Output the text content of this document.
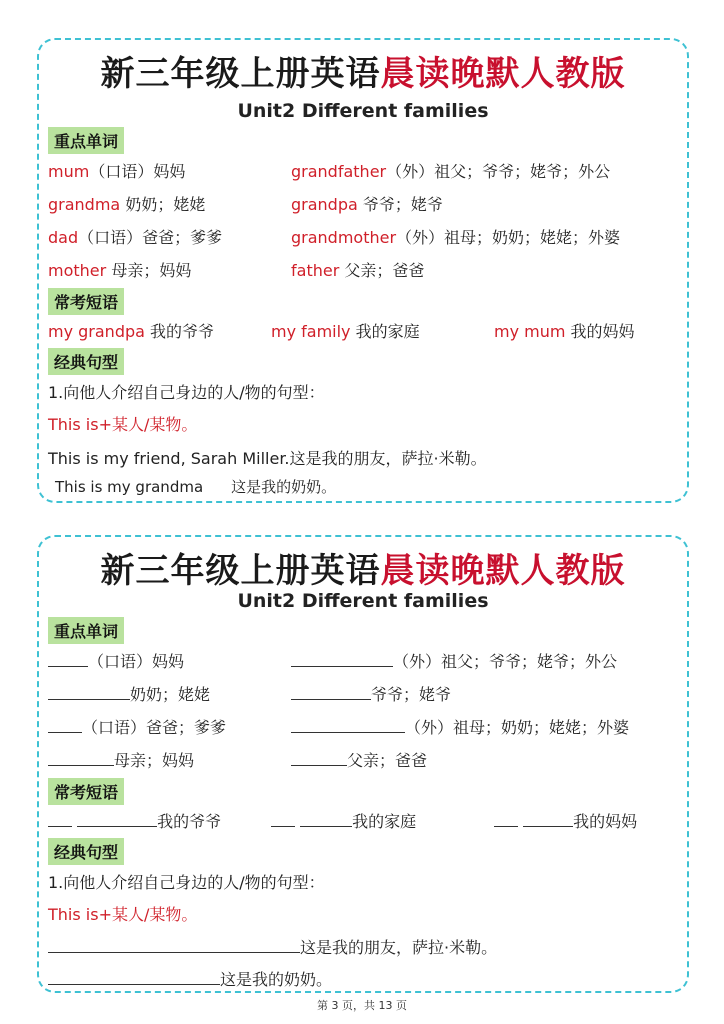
新三年级上册英语晨读晚默人教版
Unit2 Different families
重点单词
mum（口语）妈妈	grandfather（外）祖父；爷爷；姥爷；外公
grandma 奶奶；姥姥	grandpa 爷爷；姥爷
dad（口语）爸爸；爹爹	grandmother（外）祖母；奶奶；姥姥；外婆
mother 母亲；妈妈	father 父亲；爸爸
常考短语
my grandpa 我的爷爷	my family 我的家庭	my mum 我的妈妈
经典句型
1.向他人介绍自己身边的人/物的句型：
This is+某人/某物。
This is my friend, Sarah Miller.这是我的朋友，萨拉·米勒。
This is my grandma 这是我的奶奶。
新三年级上册英语晨读晚默人教版
Unit2 Different families
重点单词
（口语）妈妈	（外）祖父；爷爷；姥爷；外公
奶奶；姥姥	爷爷；姥爷
（口语）爸爸；爹爹	（外）祖母；奶奶；姥姥；外婆
母亲；妈妈	父亲；爸爸
常考短语
我的爷爷	我的家庭	我的妈妈
经典句型
1.向他人介绍自己身边的人/物的句型：
This is+某人/某物。
这是我的朋友，萨拉·米勒。
这是我的奶奶。
第 3 页，共 13 页
